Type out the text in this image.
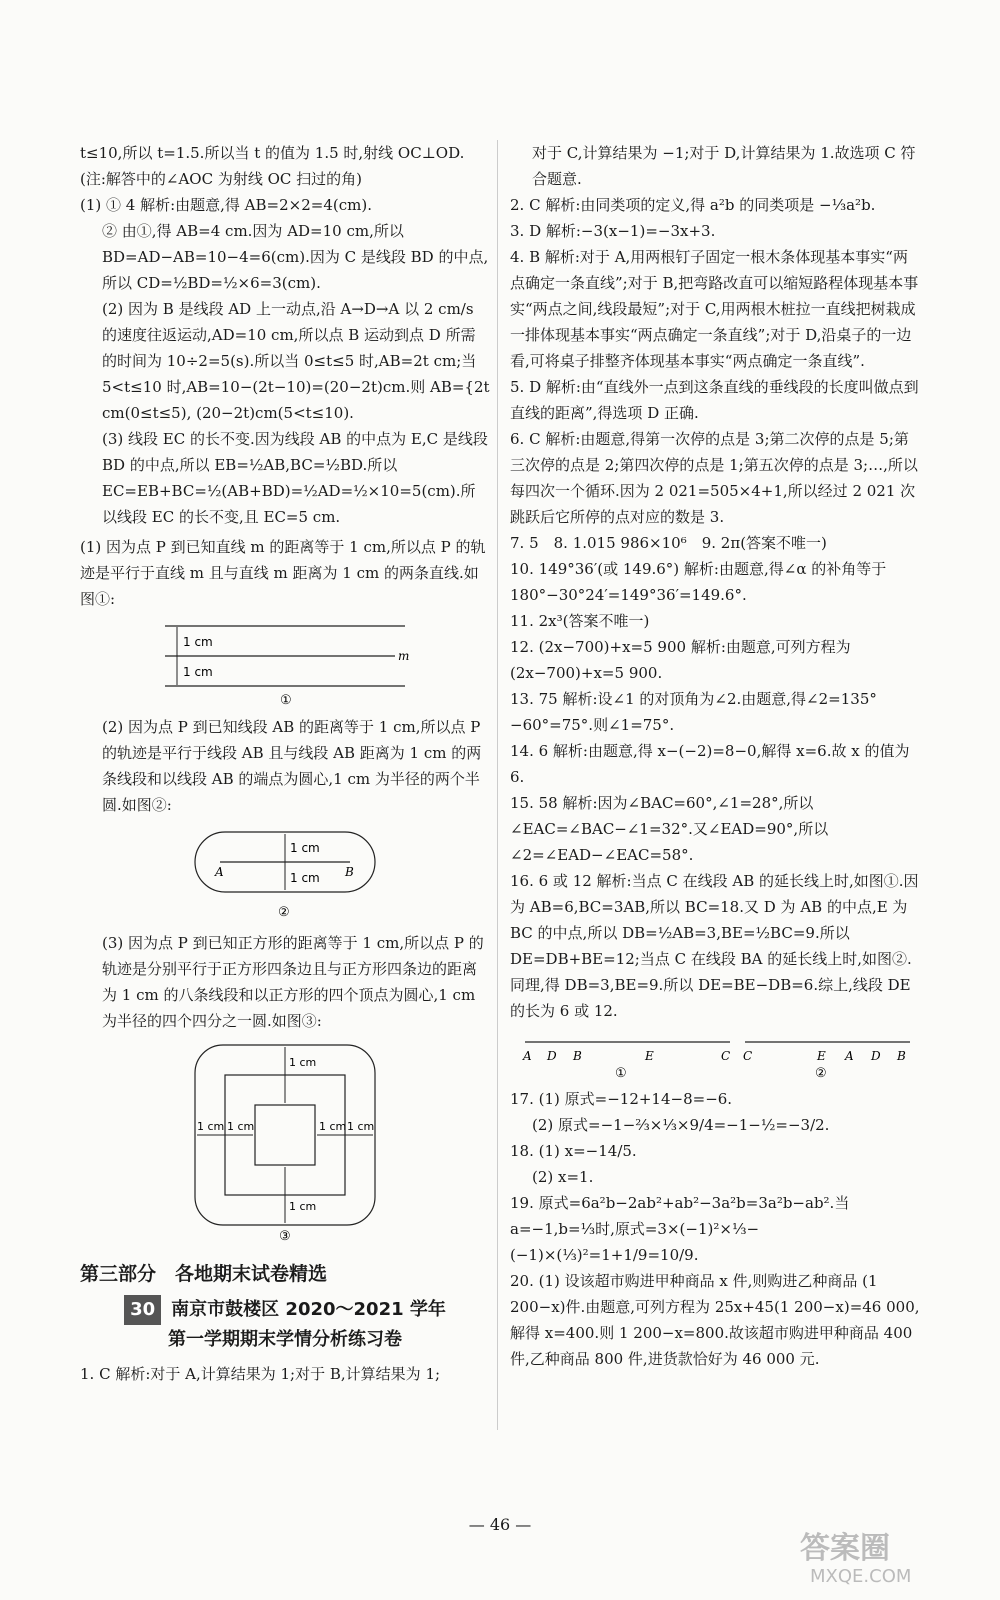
t≤10,所以 t=1.5.所以当 t 的值为 1.5 时,射线 OC⊥OD.(注:解答中的∠AOC 为射线 OC 扫过的角)

(1) ① 4 解析:由题意,得 AB=2×2=4(cm).

② 由①,得 AB=4 cm.因为 AD=10 cm,所以 BD=AD−AB=10−4=6(cm).因为 C 是线段 BD 的中点,所以 CD=½BD=½×6=3(cm).

(2) 因为 B 是线段 AD 上一动点,沿 A→D→A 以 2 cm/s 的速度往返运动,AD=10 cm,所以点 B 运动到点 D 所需的时间为 10÷2=5(s).所以当 0≤t≤5 时,AB=2t cm;当 5<t≤10 时,AB=10−(2t−10)=(20−2t)cm.则 AB={2t cm(0≤t≤5), (20−2t)cm(5<t≤10).

(3) 线段 EC 的长不变.因为线段 AB 的中点为 E,C 是线段 BD 的中点,所以 EB=½AB,BC=½BD.所以 EC=EB+BC=½(AB+BD)=½AD=½×10=5(cm).所以线段 EC 的长不变,且 EC=5 cm.

(1) 因为点 P 到已知直线 m 的距离等于 1 cm,所以点 P 的轨迹是平行于直线 m 且与直线 m 距离为 1 cm 的两条直线.如图①:

1 cm
1 cm
m
①

(2) 因为点 P 到已知线段 AB 的距离等于 1 cm,所以点 P 的轨迹是平行于线段 AB 且与线段 AB 距离为 1 cm 的两条线段和以线段 AB 的端点为圆心,1 cm 为半径的两个半圆.如图②:

1 cm
1 cm
A	B
②

(3) 因为点 P 到已知正方形的距离等于 1 cm,所以点 P 的轨迹是分别平行于正方形四条边且与正方形四条边的距离为 1 cm 的八条线段和以正方形的四个顶点为圆心,1 cm 为半径的四个四分之一圆.如图③:

1 cm
1 cm
1 cm 1 cm	1 cm 1 cm
③
第三部分　各地期末试卷精选
30 南京市鼓楼区 2020～2021 学年
第一学期期末学情分析练习卷

1. C 解析:对于 A,计算结果为 1;对于 B,计算结果为 1;

对于 C,计算结果为 −1;对于 D,计算结果为 1.故选项 C 符合题意.

2. C 解析:由同类项的定义,得 a²b 的同类项是 −⅓a²b.

3. D 解析:−3(x−1)=−3x+3.

4. B 解析:对于 A,用两根钉子固定一根木条体现基本事实“两点确定一条直线”;对于 B,把弯路改直可以缩短路程体现基本事实“两点之间,线段最短”;对于 C,用两根木桩拉一直线把树栽成一排体现基本事实“两点确定一条直线”;对于 D,沿桌子的一边看,可将桌子排整齐体现基本事实“两点确定一条直线”.

5. D 解析:由“直线外一点到这条直线的垂线段的长度叫做点到直线的距离”,得选项 D 正确.

6. C 解析:由题意,得第一次停的点是 3;第二次停的点是 5;第三次停的点是 2;第四次停的点是 1;第五次停的点是 3;…,所以每四次一个循环.因为 2 021=505×4+1,所以经过 2 021 次跳跃后它所停的点对应的数是 3.

7. 5　8. 1.015 986×10⁶　9. 2π(答案不唯一)

10. 149°36′(或 149.6°) 解析:由题意,得∠α 的补角等于 180°−30°24′=149°36′=149.6°.

11. 2x³(答案不唯一)

12. (2x−700)+x=5 900 解析:由题意,可列方程为 (2x−700)+x=5 900.

13. 75 解析:设∠1 的对顶角为∠2.由题意,得∠2=135°−60°=75°.则∠1=75°.

14. 6 解析:由题意,得 x−(−2)=8−0,解得 x=6.故 x 的值为 6.

15. 58 解析:因为∠BAC=60°,∠1=28°,所以∠EAC=∠BAC−∠1=32°.又∠EAD=90°,所以∠2=∠EAD−∠EAC=58°.

16. 6 或 12 解析:当点 C 在线段 AB 的延长线上时,如图①.因为 AB=6,BC=3AB,所以 BC=18.又 D 为 AB 的中点,E 为 BC 的中点,所以 DB=½AB=3,BE=½BC=9.所以 DE=DB+BE=12;当点 C 在线段 BA 的延长线上时,如图②.同理,得 DB=3,BE=9.所以 DE=BE−DB=6.综上,线段 DE 的长为 6 或 12.

A D B	E	C C	E A D B
①	②

17. (1) 原式=−12+14−8=−6.

(2) 原式=−1−⅔×⅓×9/4=−1−½=−3/2.

18. (1) x=−14/5.

(2) x=1.

19. 原式=6a²b−2ab²+ab²−3a²b=3a²b−ab².当 a=−1,b=⅓时,原式=3×(−1)²×⅓−(−1)×(⅓)²=1+1/9=10/9.

20. (1) 设该超市购进甲种商品 x 件,则购进乙种商品 (1 200−x)件.由题意,可列方程为 25x+45(1 200−x)=46 000,解得 x=400.则 1 200−x=800.故该超市购进甲种商品 400 件,乙种商品 800 件,进货款恰好为 46 000 元.

— 46 —
答案圈
MXQE.COM
